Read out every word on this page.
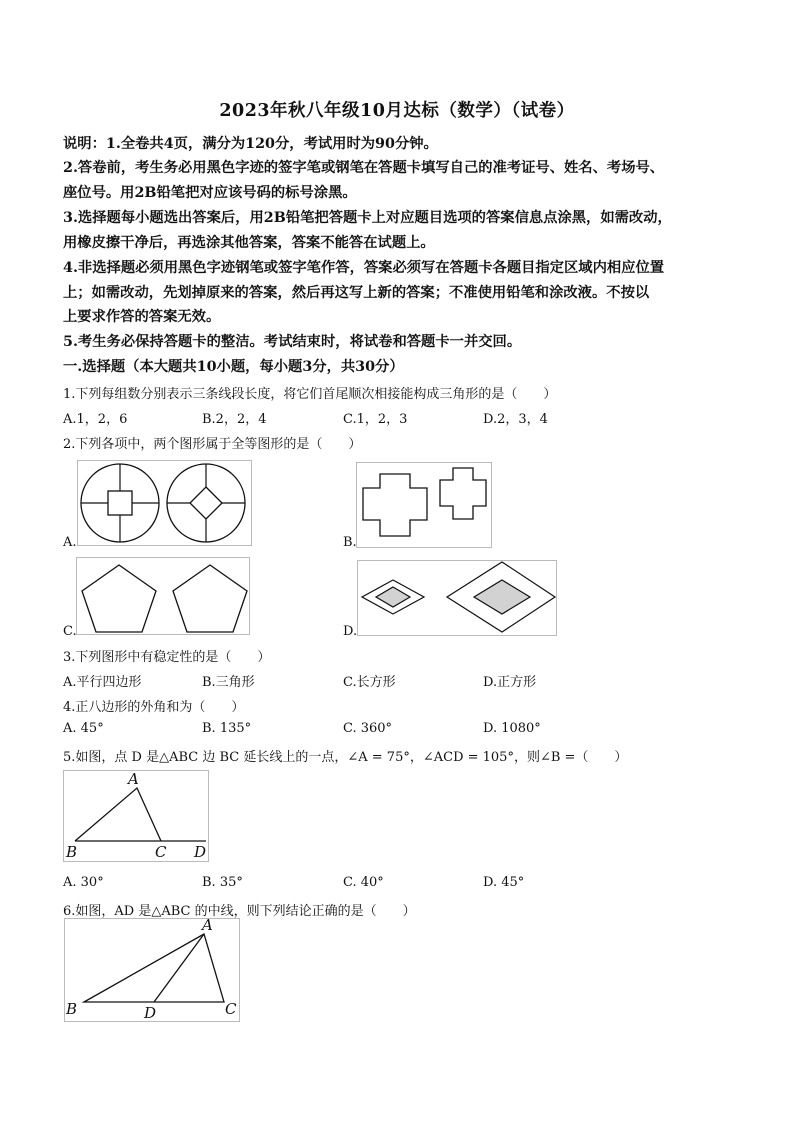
2023年秋八年级10月达标（数学）（试卷）
说明：1.全卷共4页，满分为120分，考试用时为90分钟。
2.答卷前，考生务必用黑色字迹的签字笔或钢笔在答题卡填写自己的准考证号、姓名、考场号、
座位号。用2B铅笔把对应该号码的标号涂黑。
3.选择题每小题选出答案后，用2B铅笔把答题卡上对应题目选项的答案信息点涂黑，如需改动，
用橡皮擦干净后，再选涂其他答案，答案不能答在试题上。
4.非选择题必须用黑色字迹钢笔或签字笔作答，答案必须写在答题卡各题目指定区域内相应位置
上；如需改动，先划掉原来的答案，然后再这写上新的答案；不准使用铅笔和涂改液。不按以
上要求作答的答案无效。
5.考生务必保持答题卡的整洁。考试结束时，将试卷和答题卡一并交回。
一.选择题（本大题共10小题，每小题3分，共30分）
1.下列每组数分别表示三条线段长度，将它们首尾顺次相接能构成三角形的是（　　）
A.1，2，6	B.2，2，4	C.1，2，3	D.2，3，4
2.下列各项中，两个图形属于全等图形的是（　　）
A.	B.
C.	D.
3.下列图形中有稳定性的是（　　）
A.平行四边形	B.三角形	C.长方形	D.正方形
4.正八边形的外角和为（　　）
A. 45°	B. 135°	C. 360°	D. 1080°
5.如图，点 D 是△ABC 边 BC 延长线上的一点，∠A = 75°，∠ACD = 105°，则∠B =（　　）
A
B	C D
A. 30°	B. 35°	C. 40°	D. 45°
6.如图，AD 是△ABC 的中线，则下列结论正确的是（　　）
A
B	D	C
